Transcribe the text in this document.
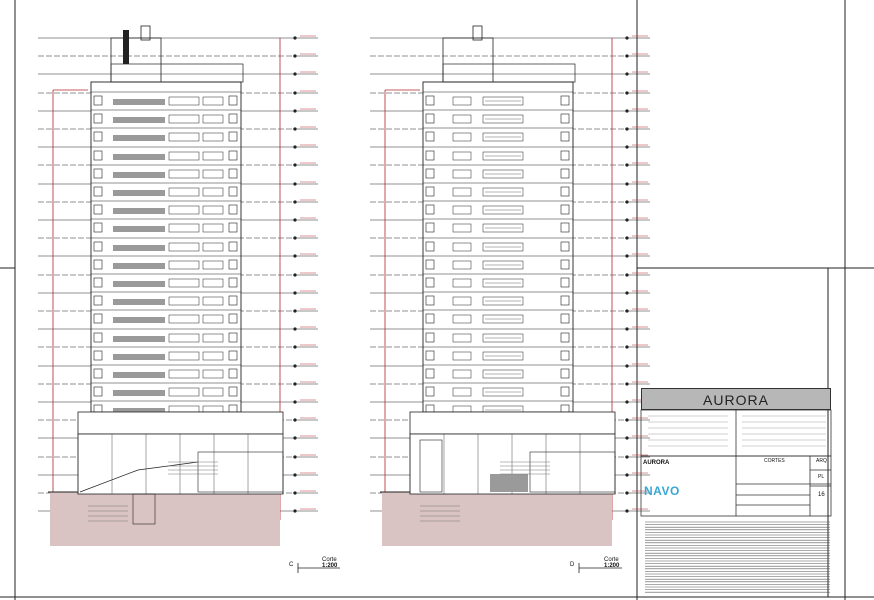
C
Corte
1:200	D
Corte
1:200
AURORA
AURORA
NAVO
CORTES	ARQ
PL
16
